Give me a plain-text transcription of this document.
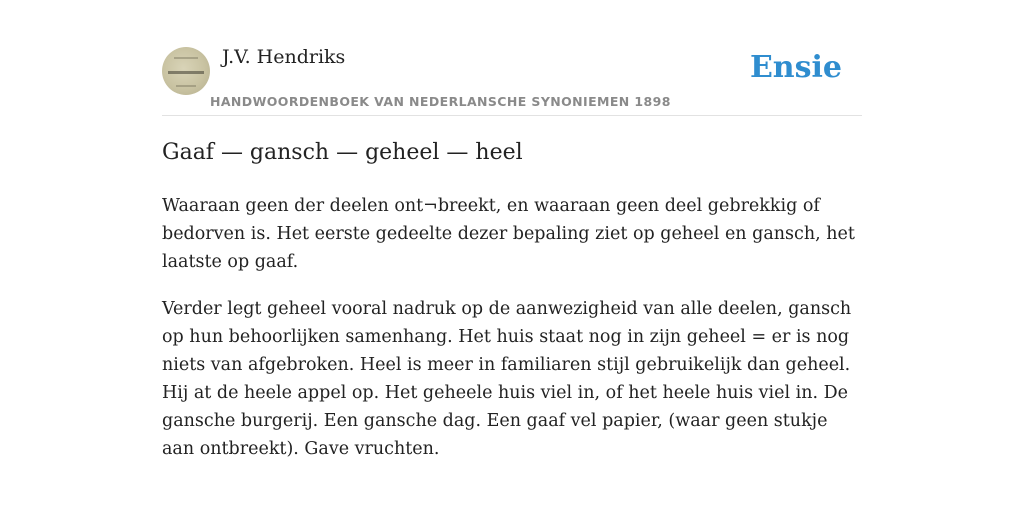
J.V. Hendriks
HANDWOORDENBOEK VAN NEDERLANSCHE SYNONIEMEN 1898
Ensie
Gaaf — gansch — geheel — heel

Waaraan geen der deelen ont¬breekt, en waaraan geen deel gebrekkig of bedorven is. Het eerste gedeelte dezer bepaling ziet op geheel en gansch, het laatste op gaaf.

Verder legt geheel vooral nadruk op de aanwezigheid van alle deelen, gansch op hun behoorlijken samenhang. Het huis staat nog in zijn geheel = er is nog niets van afgebroken. Heel is meer in familiaren stijl gebruikelijk dan geheel. Hij at de heele appel op. Het geheele huis viel in, of het heele huis viel in. De gansche burgerij. Een gansche dag. Een gaaf vel papier, (waar geen stukje aan ontbreekt). Gave vruchten.
